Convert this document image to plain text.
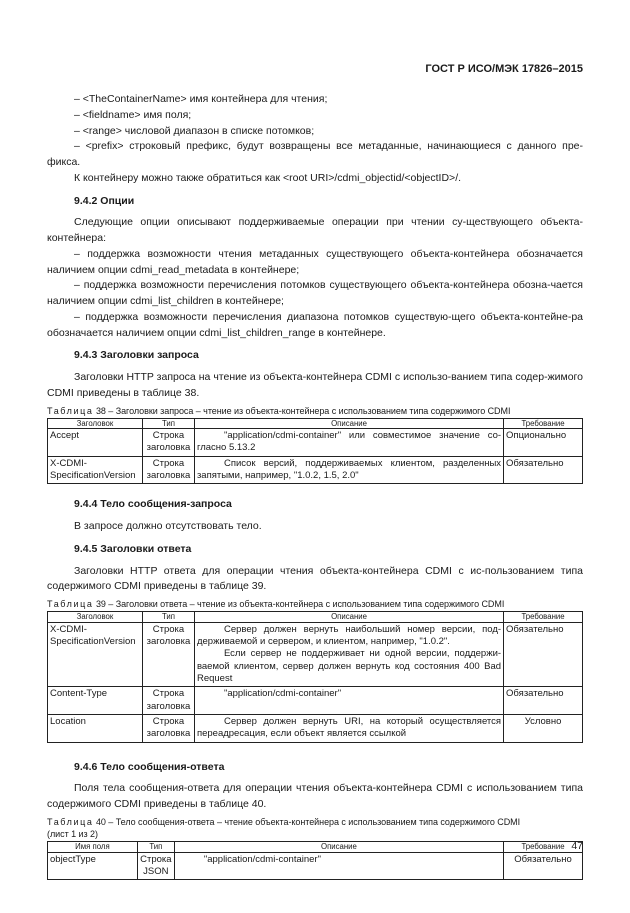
ГОСТ Р ИСО/МЭК 17826–2015

– <TheContainerName> имя контейнера для чтения;

– <fieldname> имя поля;

– <range> числовой диапазон в списке потомков;

– <prefix> строковый префикс, будут возвращены все метаданные, начинающиеся с данного пре-фикса.

К контейнеру можно также обратиться как <root URI>/cdmi_objectid/<objectID>/.

9.4.2 Опции

Следующие опции описывают поддерживаемые операции при чтении су-ществующего объекта-контейнера:

– поддержка возможности чтения метаданных существующего объекта-контейнера обозначается наличием опции cdmi_read_metadata в контейнере;

– поддержка возможности перечисления потомков существующего объекта-контейнера обозна-чается наличием опции cdmi_list_children в контейнере;

– поддержка возможности перечисления диапазона потомков существую-щего объекта-контейне-ра обозначается наличием опции cdmi_list_children_range в контейнере.

9.4.3 Заголовки запроса

Заголовки HTTP запроса на чтение из объекта-контейнера CDMI с использо-ванием типа содер-жимого CDMI приведены в таблице 38.

Таблица 38 – Заголовки запроса – чтение из объекта-контейнера с использованием типа содержимого CDMI
Заголовок	Тип	Описание	Требование
Accept	Строка заголовка	"application/cdmi-container" или совместимое значение со-гласно 5.13.2	Опционально
X-CDMI-SpecificationVersion	Строка заголовка	Список версий, поддерживаемых клиентом, разделенных запятыми, например, "1.0.2, 1.5, 2.0"	Обязательно
9.4.4 Тело сообщения-запроса

В запросе должно отсутствовать тело.

9.4.5 Заголовки ответа

Заголовки HTTP ответа для операции чтения объекта-контейнера CDMI с ис-пользованием типа содержимого CDMI приведены в таблице 39.

Таблица 39 – Заголовки ответа – чтение из объекта-контейнера с использованием типа содержимого CDMI
Заголовок	Тип	Описание	Требование
X-CDMI-SpecificationVersion	Строка заголовка	Сервер должен вернуть наибольший номер версии, под-держиваемой и сервером, и клиентом, например, "1.0.2".
Если сервер не поддерживает ни одной версии, поддержи-ваемой клиентом, сервер должен вернуть код состояния 400 Bad Request	Обязательно
Content-Type	Строка заголовка	"application/cdmi-container"	Обязательно
Location	Строка заголовка	Сервер должен вернуть URI, на который осуществляется переадресация, если объект является ссылкой	Условно
9.4.6 Тело сообщения-ответа

Поля тела сообщения-ответа для операции чтения объекта-контейнера CDMI с использованием типа содержимого CDMI приведены в таблице 40.

Таблица 40 – Тело сообщения-ответа – чтение объекта-контейнера с использованием типа содержимого CDMI
(лист 1 из 2)
Имя поля	Тип	Описание	Требование
objectType	Строка JSON	"application/cdmi-container"	Обязательно
47
